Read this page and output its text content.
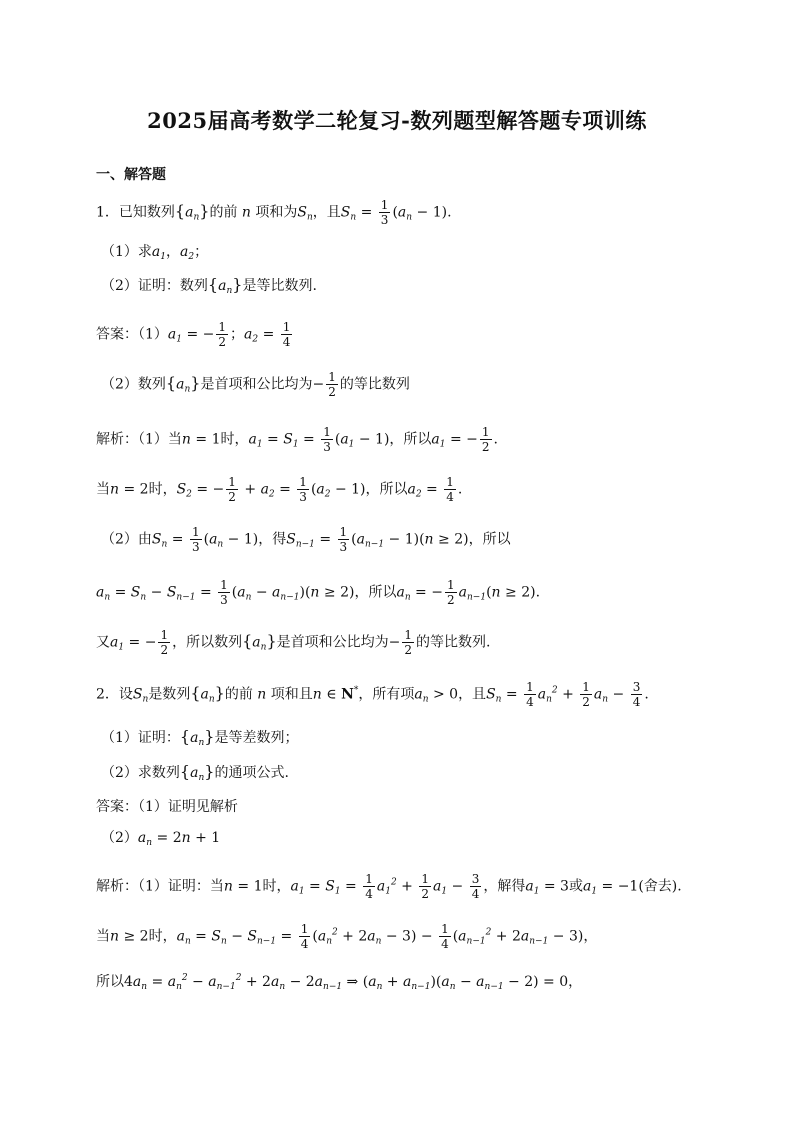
2025届高考数学二轮复习-数列题型解答题专项训练
一、解答题
1．已知数列$\{a_n\}$的前 n 项和为$S_n$，且$S_n = \frac{1}{3} (a_n - 1)$.
（1）求$a_1$，$a_2$；
（2）证明：数列$\{a_n\}$是等比数列.
答案：$(1)a_1$ = − $\frac{1}{2}$ ；$a_2 = \frac{1}{4}$
（2）数列$\{a_n\}$是首项和公比均为− $\frac{1}{2}$ 的等比数列
解析：（1）当n = 1时，$a_1 = S_1 = \frac{1}{3} (a_1 - 1)$，所以$a_1$ = − $\frac{1}{2}$ .
当n = 2时，$S_2$ = − $\frac{1}{2} + a_2 = \frac{1}{3} (a_2 - 1)$，所以$a_2 = \frac{1}{4}$ .
（2）由$S_n = \frac{1}{3} (a_n - 1)$，得$S_{n-1} = \frac{1}{3} (a_{n-1} - 1)(n \ge 2)$，所以
$a_n = S_n - S_{n-1} = \frac{1}{3} (a_n - a_{n-1})(n \ge 2)$，所以$a_n$ = − $\frac{1}{2} a_{n-1}(n \ge 2)$.
又$a_1$ = − $\frac{1}{2}$ ，所以数列$\{a_n\}$是首项和公比均为− $\frac{1}{2}$ 的等比数列.
2．设$S_n$是数列$\{a_n\}$的前 n 项和且n ∈ N*，所有项$a_n > 0$，且$S_n = \frac{1}{4} a_n^2 + \frac{1}{2} a_n - \frac{3}{4}$ .
（1）证明：$\{a_n\}$是等差数列；
（2）求数列$\{a_n\}$的通项公式.
答案：（1）证明见解析
$(2)a_n = 2n + 1$
解析：（1）证明：当n = 1时，$a_1 = S_1 = \frac{1}{4} a_1^2 + \frac{1}{2} a_1 - \frac{3}{4}$ ，解得$a_1 = 3$或$a_1 = -1$(舍去).
当n ≥ 2时，$a_n = S_n - S_{n-1} = \frac{1}{4} (a_n^2 + 2a_n - 3) - \frac{1}{4} (a_{n-1}^2 + 2a_{n-1} - 3)$，
所以$4a_n = a_n^2 - a_{n-1}^2 + 2a_n - 2a_{n-1}$ ⇒ $(a_n + a_{n-1})(a_n - a_{n-1} - 2) = 0$，
